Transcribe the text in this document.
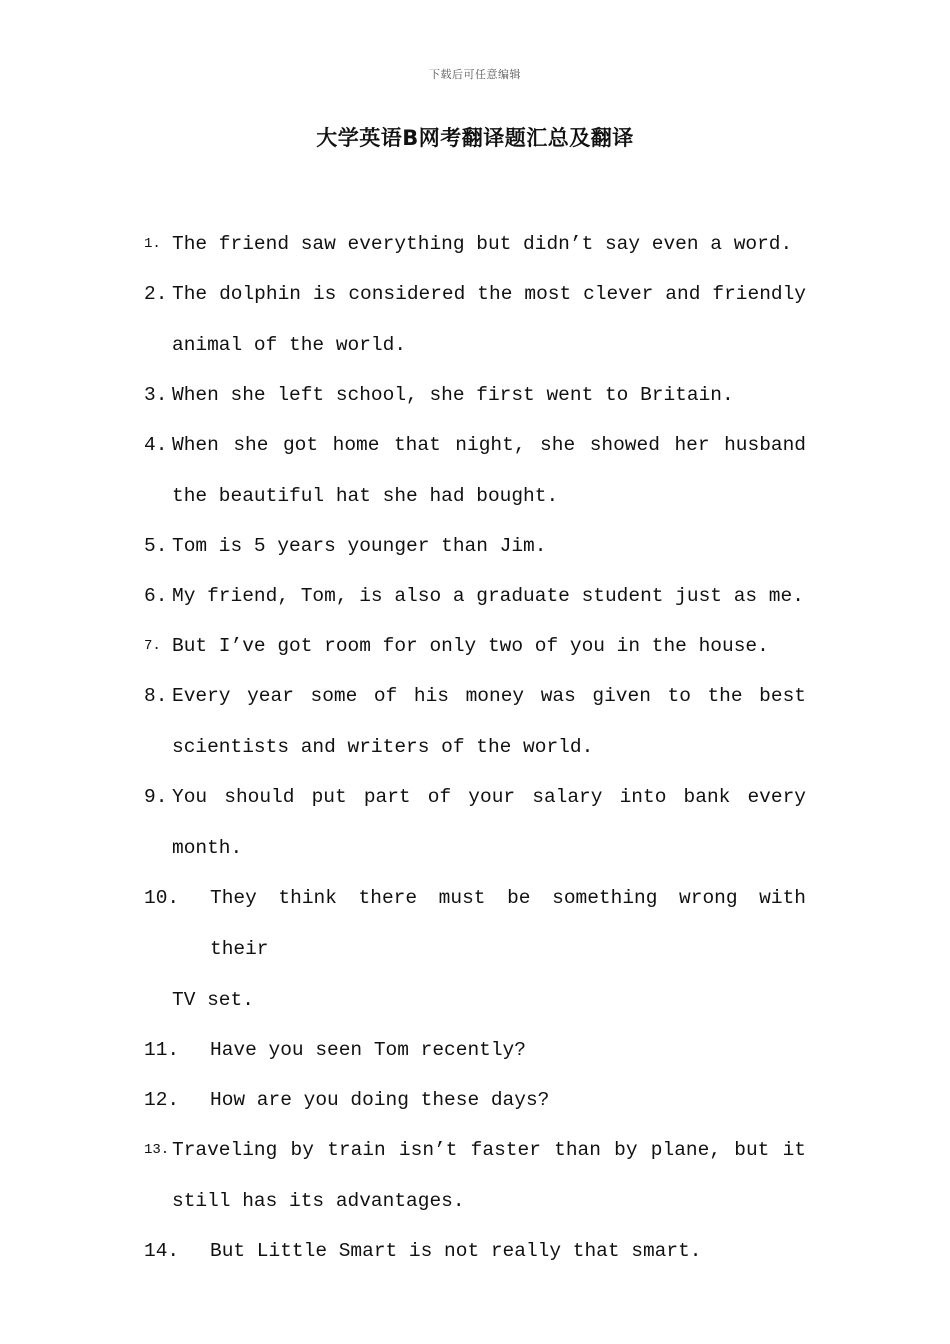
下载后可任意编辑
大学英语B网考翻译题汇总及翻译
1. The friend saw everything but didn’t say even a word.
2. The dolphin is considered the most clever and friendly animal of the world.
3. When she left school, she first went to Britain.
4. When she got home that night, she showed her husband the beautiful hat she had bought.
5. Tom is 5 years younger than Jim.
6. My friend, Tom, is also a graduate student just as me.
7. But I’ve got room for only two of you in the house.
8. Every year some of his money was given to the best scientists and writers of the world.
9. You should put part of your salary into bank every month.
10. They think there must be something wrong with their
TV set.
11. Have you seen Tom recently?
12. How are you doing these days?
13. Traveling by train isn’t faster than by plane, but it still has its advantages.
14. But Little Smart is not really that smart.
